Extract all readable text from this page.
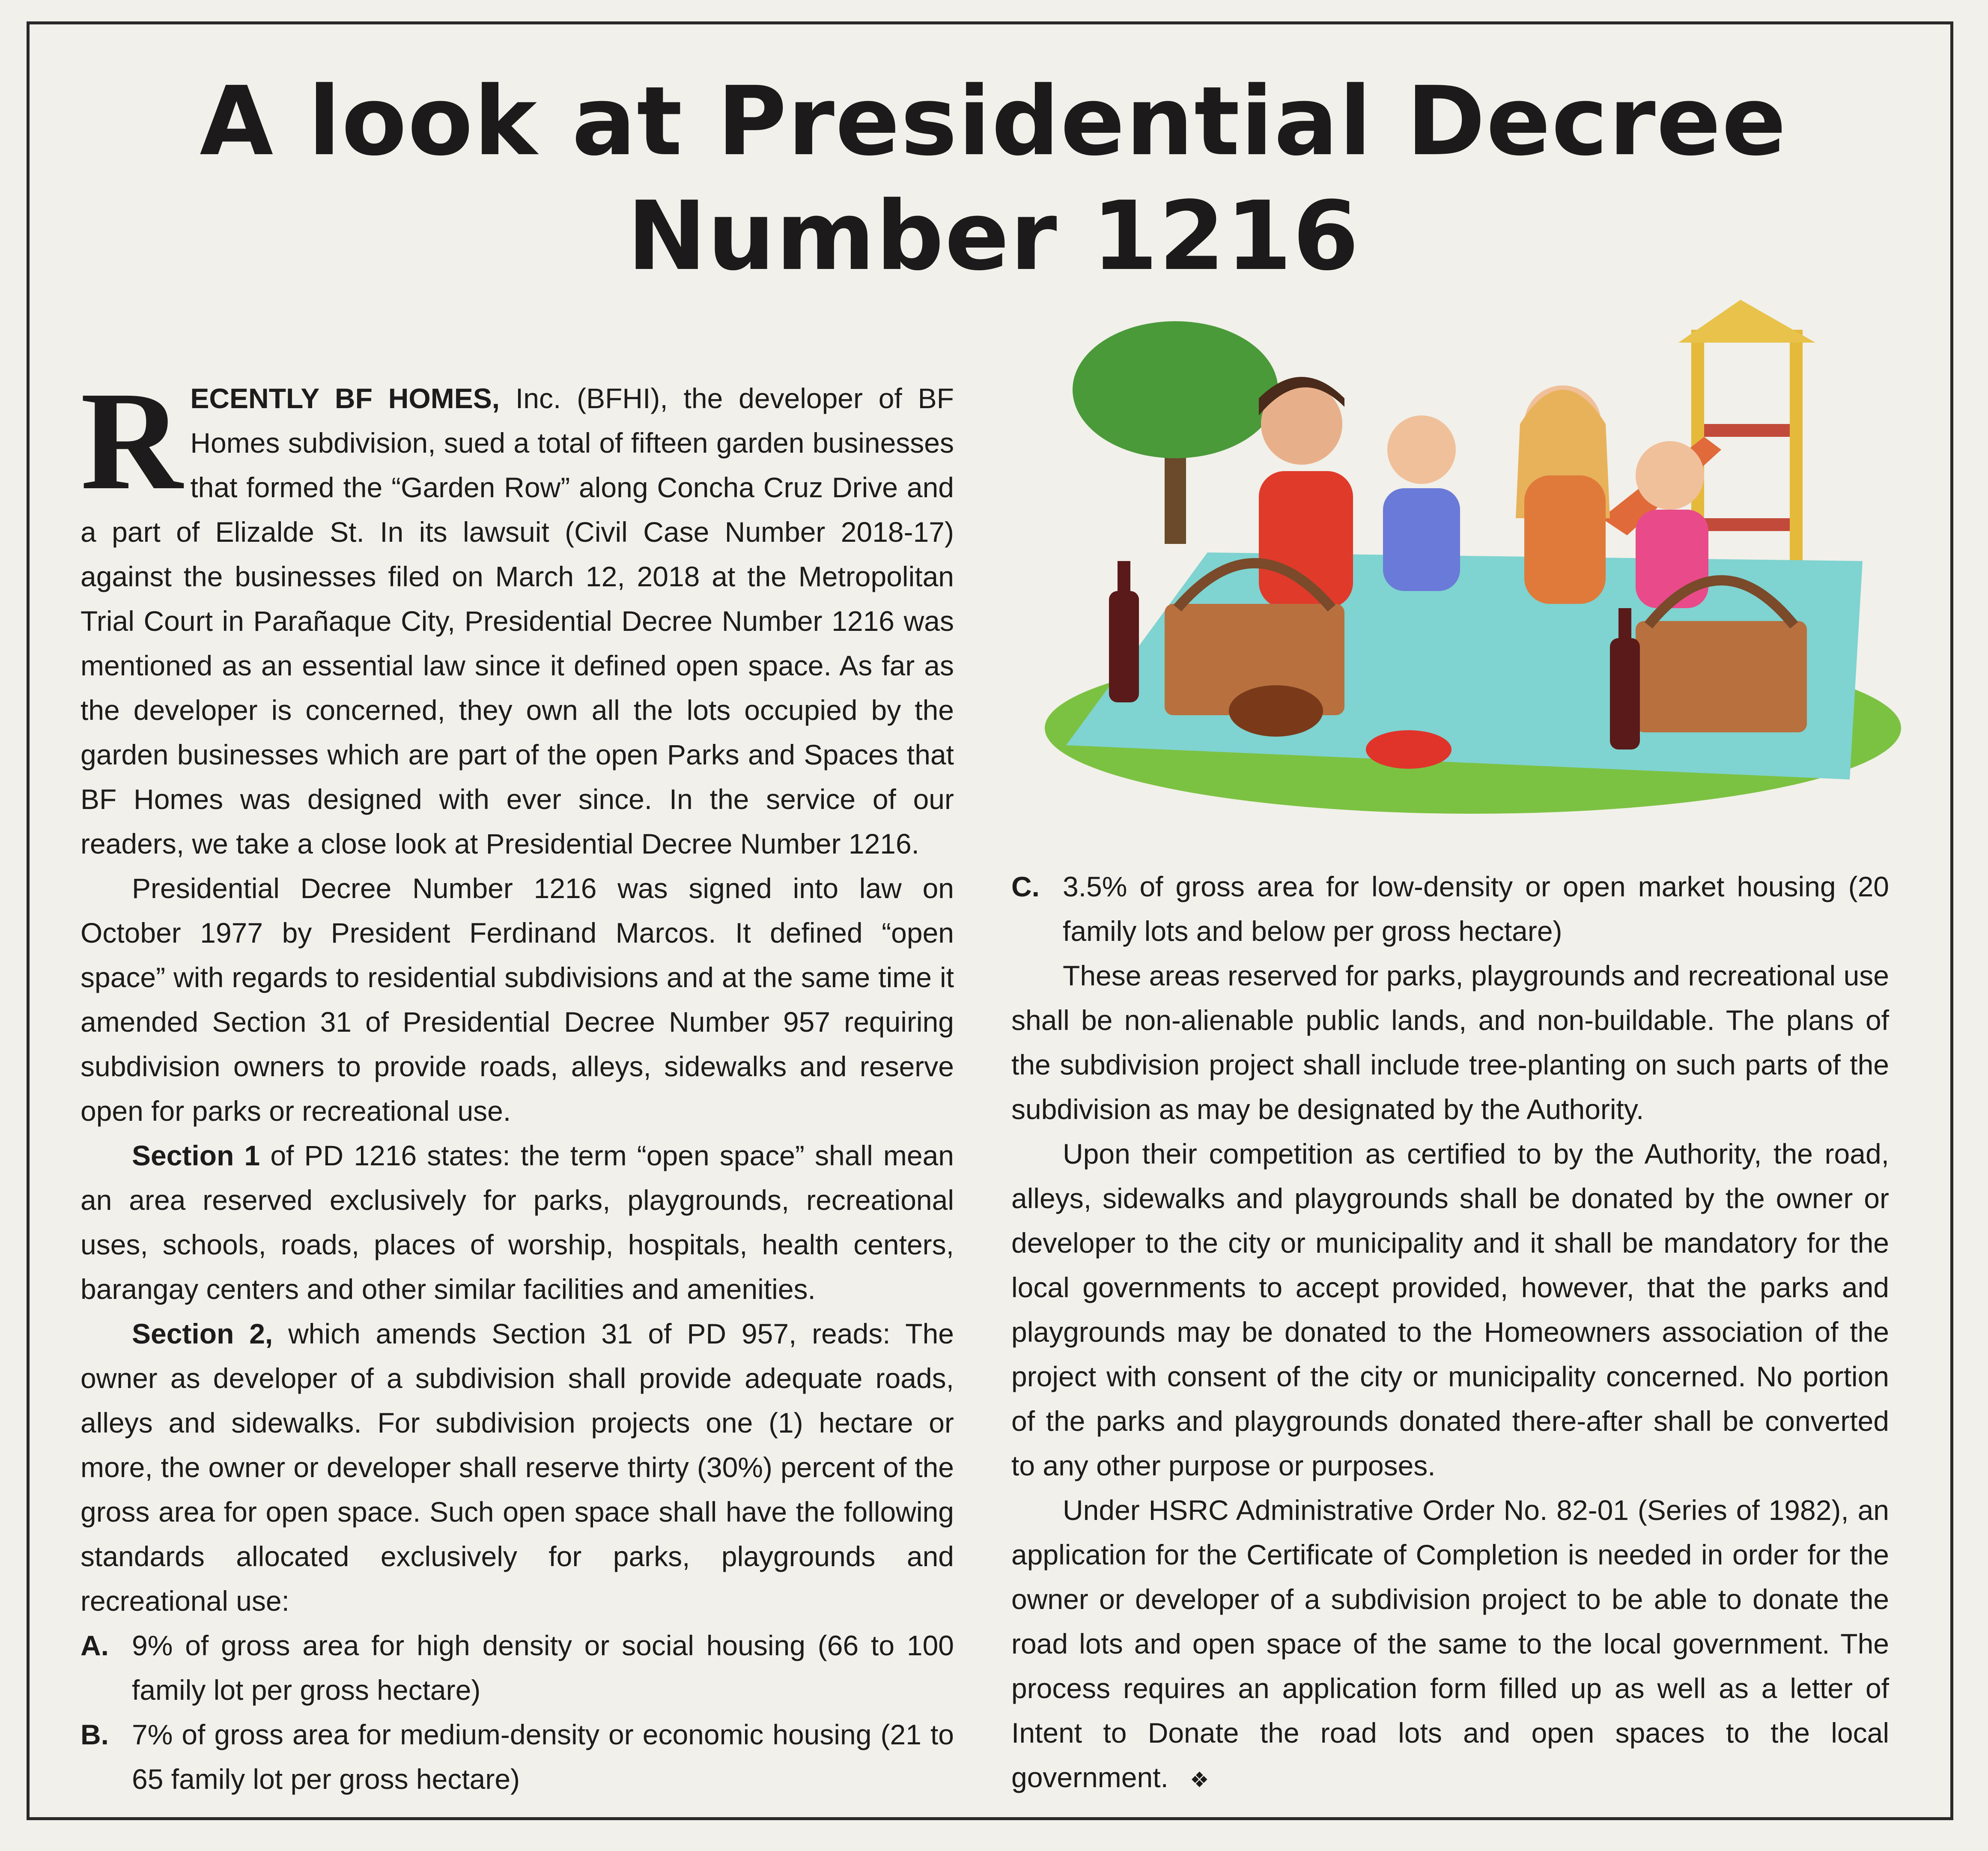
A look at Presidential Decree
Number 1216

RECENTLY BF HOMES, Inc. (BFHI), the developer of BF Homes subdivision, sued a total of fifteen garden businesses that formed the “Garden Row” along Concha Cruz Drive and a part of Elizalde St. In its lawsuit (Civil Case Number 2018-17) against the businesses filed on March 12, 2018 at the Metropolitan Trial Court in Parañaque City, Presidential Decree Number 1216 was mentioned as an essential law since it defined open space. As far as the developer is concerned, they own all the lots occupied by the garden businesses which are part of the open Parks and Spaces that BF Homes was designed with ever since. In the service of our readers, we take a close look at Presidential Decree Number 1216.

Presidential Decree Number 1216 was signed into law on October 1977 by President Ferdinand Marcos. It defined “open space” with regards to residential subdivisions and at the same time it amended Section 31 of Presidential Decree Number 957 requiring subdivision owners to provide roads, alleys, sidewalks and reserve open for parks or recreational use.

Section 1 of PD 1216 states: the term “open space” shall mean an area reserved exclusively for parks, playgrounds, recreational uses, schools, roads, places of worship, hospitals, health centers, barangay centers and other similar facilities and amenities.

Section 2, which amends Section 31 of PD 957, reads: The owner as developer of a subdivision shall provide adequate roads, alleys and sidewalks. For subdivision projects one (1) hectare or more, the owner or developer shall reserve thirty (30%) percent of the gross area for open space. Such open space shall have the following standards allocated exclusively for parks, playgrounds and recreational use:

A. 9% of gross area for high density or social housing (66 to 100 family lot per gross hectare)
B. 7% of gross area for medium-density or economic housing (21 to 65 family lot per gross hectare)
C. 3.5% of gross area for low-density or open market housing (20 family lots and below per gross hectare)

These areas reserved for parks, playgrounds and recreational use shall be non-alienable public lands, and non-buildable. The plans of the subdivision project shall include tree-planting on such parts of the subdivision as may be designated by the Authority.

Upon their competition as certified to by the Authority, the road, alleys, sidewalks and playgrounds shall be donated by the owner or developer to the city or municipality and it shall be mandatory for the local governments to accept provided, however, that the parks and playgrounds may be donated to the Homeowners association of the project with consent of the city or municipality concerned. No portion of the parks and playgrounds donated there-after shall be converted to any other purpose or purposes.

Under HSRC Administrative Order No. 82-01 (Series of 1982), an application for the Certificate of Completion is needed in order for the owner or developer of a subdivision project to be able to donate the road lots and open space of the same to the local government. The process requires an application form filled up as well as a letter of Intent to Donate the road lots and open spaces to the local government. ❖
